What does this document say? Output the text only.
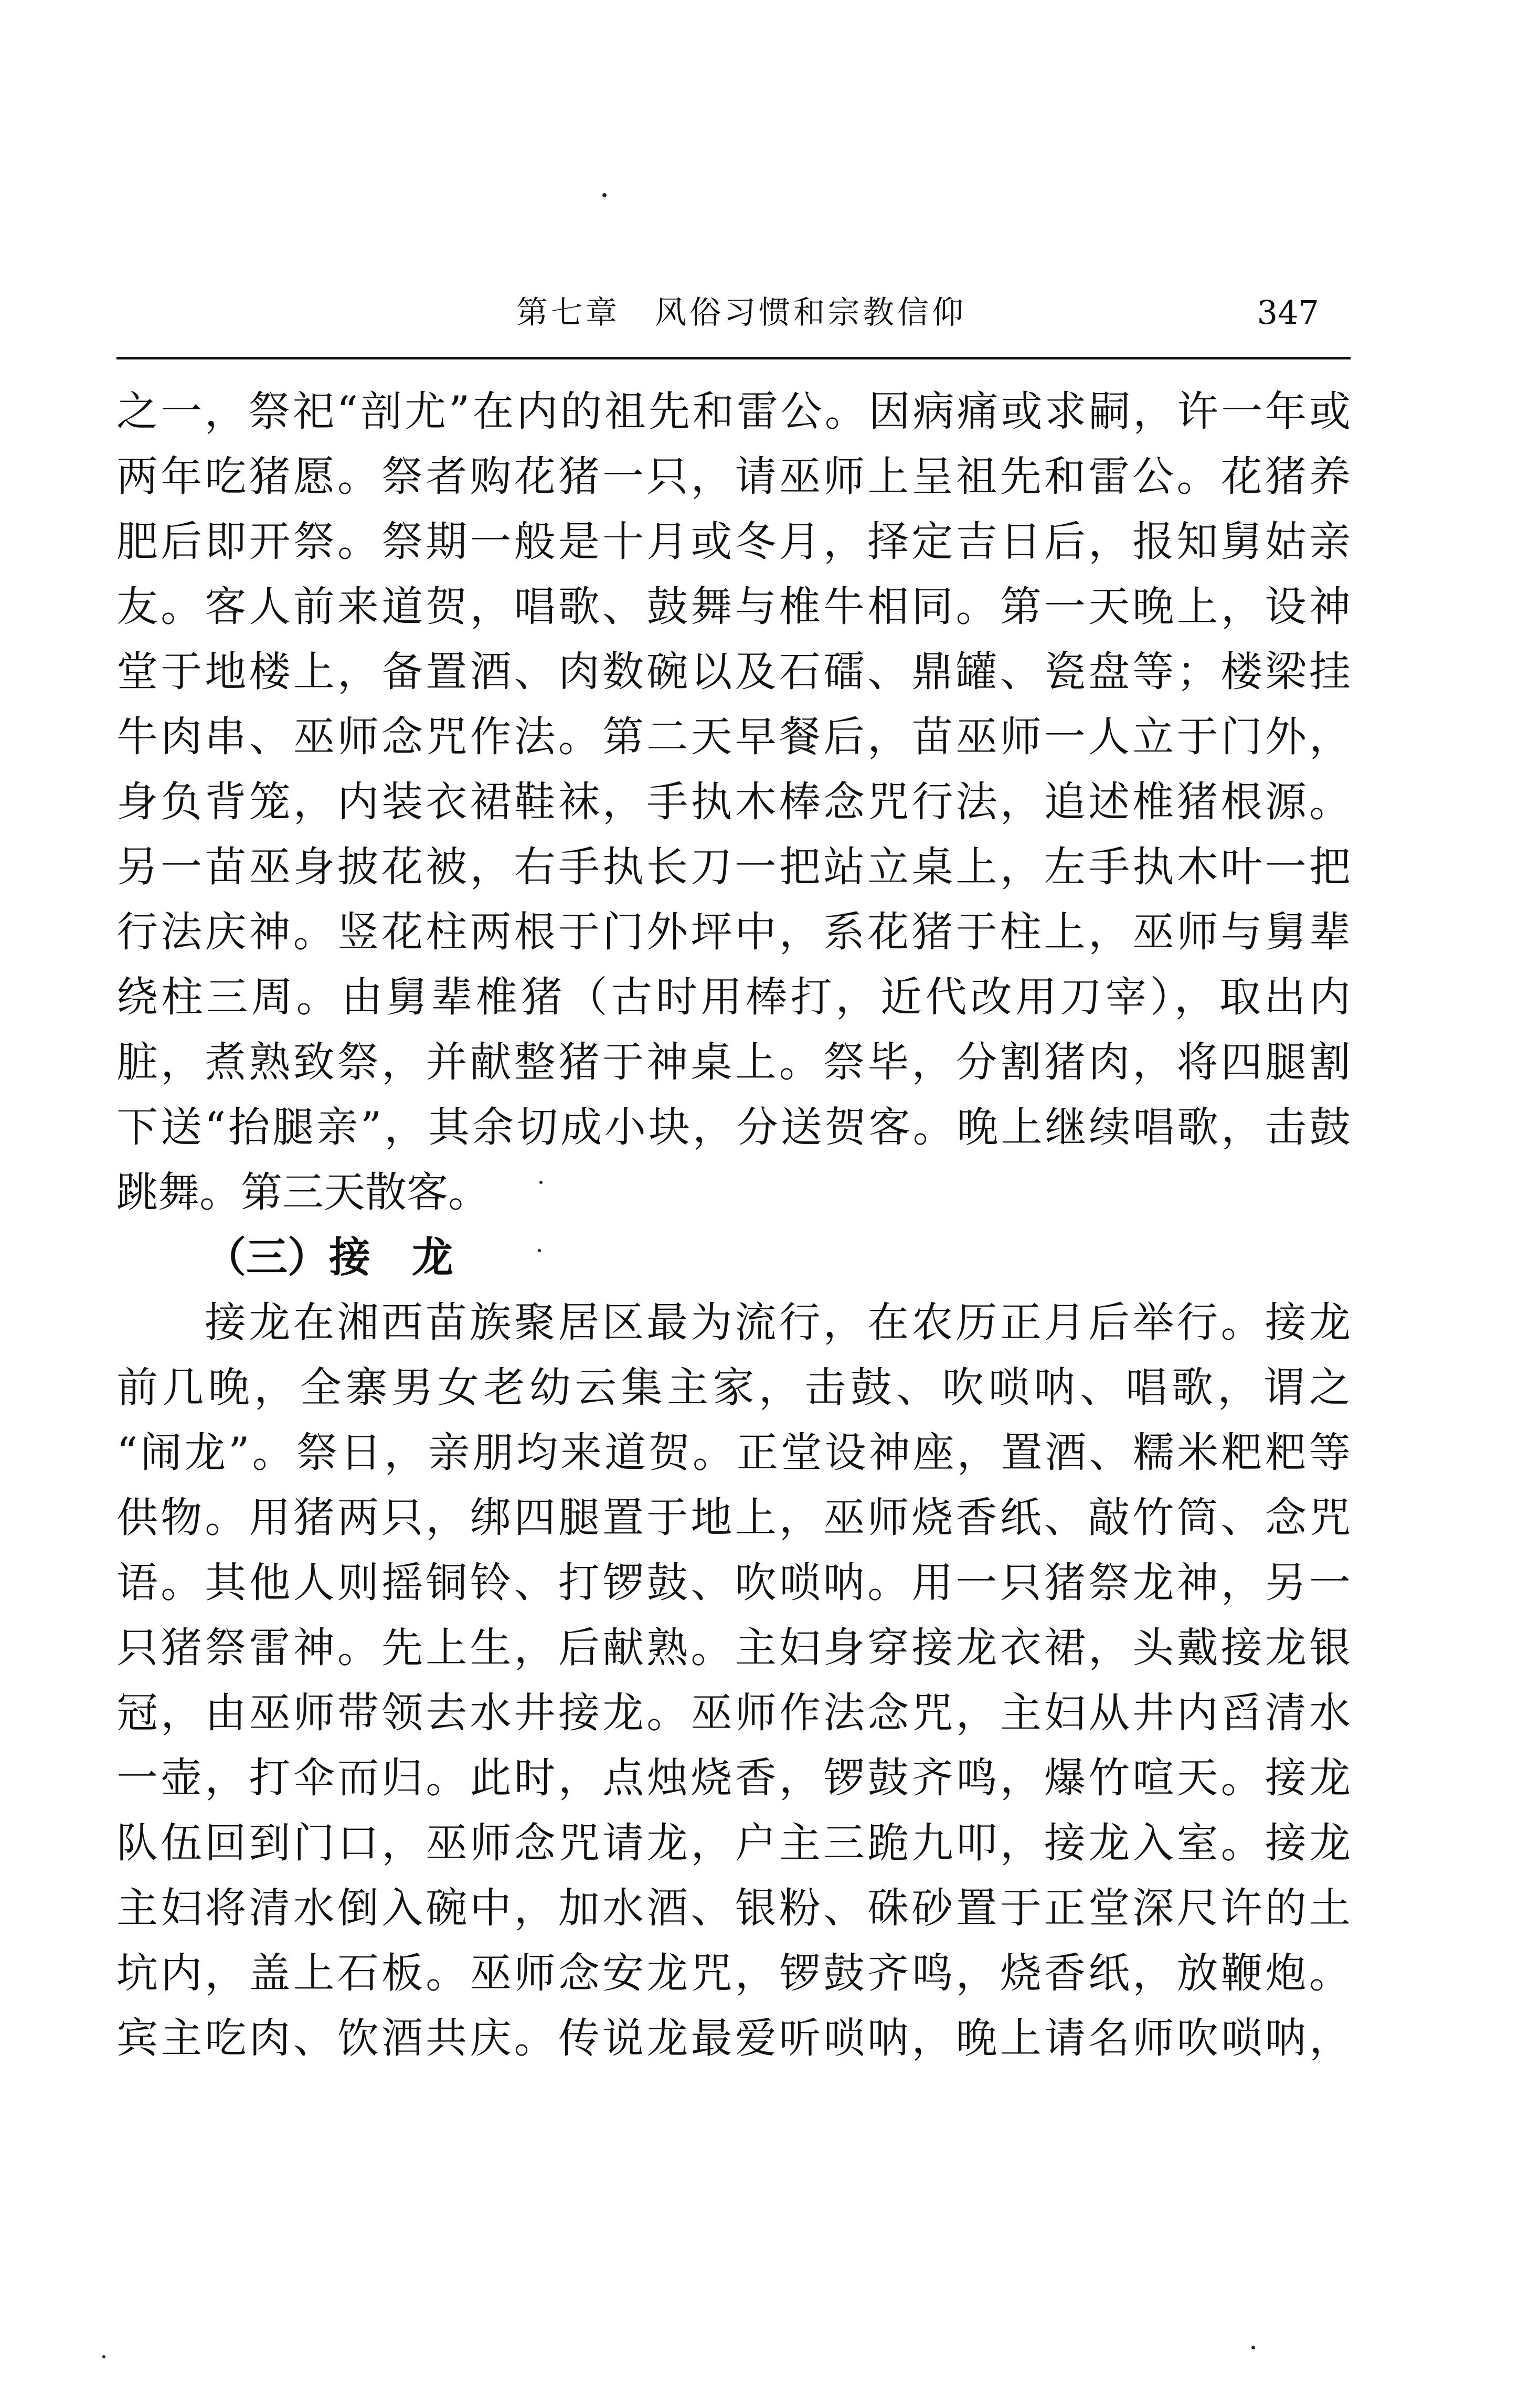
第七章　风俗习惯和宗教信仰	347
之一，祭祀“剖尤”在内的祖先和雷公。因病痛或求嗣，许一年或
两年吃猪愿。祭者购花猪一只，请巫师上呈祖先和雷公。花猪养
肥后即开祭。祭期一般是十月或冬月，择定吉日后，报知舅姑亲
友。客人前来道贺，唱歌、鼓舞与椎牛相同。第一天晚上，设神
堂于地楼上，备置酒、肉数碗以及石礌、鼎罐、瓷盘等；楼梁挂
牛肉串、巫师念咒作法。第二天早餐后，苗巫师一人立于门外，
身负背笼，内装衣裙鞋袜，手执木棒念咒行法，追述椎猪根源。
另一苗巫身披花被，右手执长刀一把站立桌上，左手执木叶一把
行法庆神。竖花柱两根于门外坪中，系花猪于柱上，巫师与舅辈
绕柱三周。由舅辈椎猪（古时用棒打，近代改用刀宰），取出内
脏，煮熟致祭，并献整猪于神桌上。祭毕，分割猪肉，将四腿割
下送“抬腿亲”，其余切成小块，分送贺客。晚上继续唱歌，击鼓
跳舞。第三天散客。
（三）接　龙
接龙在湘西苗族聚居区最为流行，在农历正月后举行。接龙
前几晚，全寨男女老幼云集主家，击鼓、吹唢呐、唱歌，谓之
“闹龙”。祭日，亲朋均来道贺。正堂设神座，置酒、糯米粑粑等
供物。用猪两只，绑四腿置于地上，巫师烧香纸、敲竹筒、念咒
语。其他人则摇铜铃、打锣鼓、吹唢呐。用一只猪祭龙神，另一
只猪祭雷神。先上生，后献熟。主妇身穿接龙衣裙，头戴接龙银
冠，由巫师带领去水井接龙。巫师作法念咒，主妇从井内舀清水
一壶，打伞而归。此时，点烛烧香，锣鼓齐鸣，爆竹喧天。接龙
队伍回到门口，巫师念咒请龙，户主三跪九叩，接龙入室。接龙
主妇将清水倒入碗中，加水酒、银粉、硃砂置于正堂深尺许的土
坑内，盖上石板。巫师念安龙咒，锣鼓齐鸣，烧香纸，放鞭炮。
宾主吃肉、饮酒共庆。传说龙最爱听唢呐，晚上请名师吹唢呐，
